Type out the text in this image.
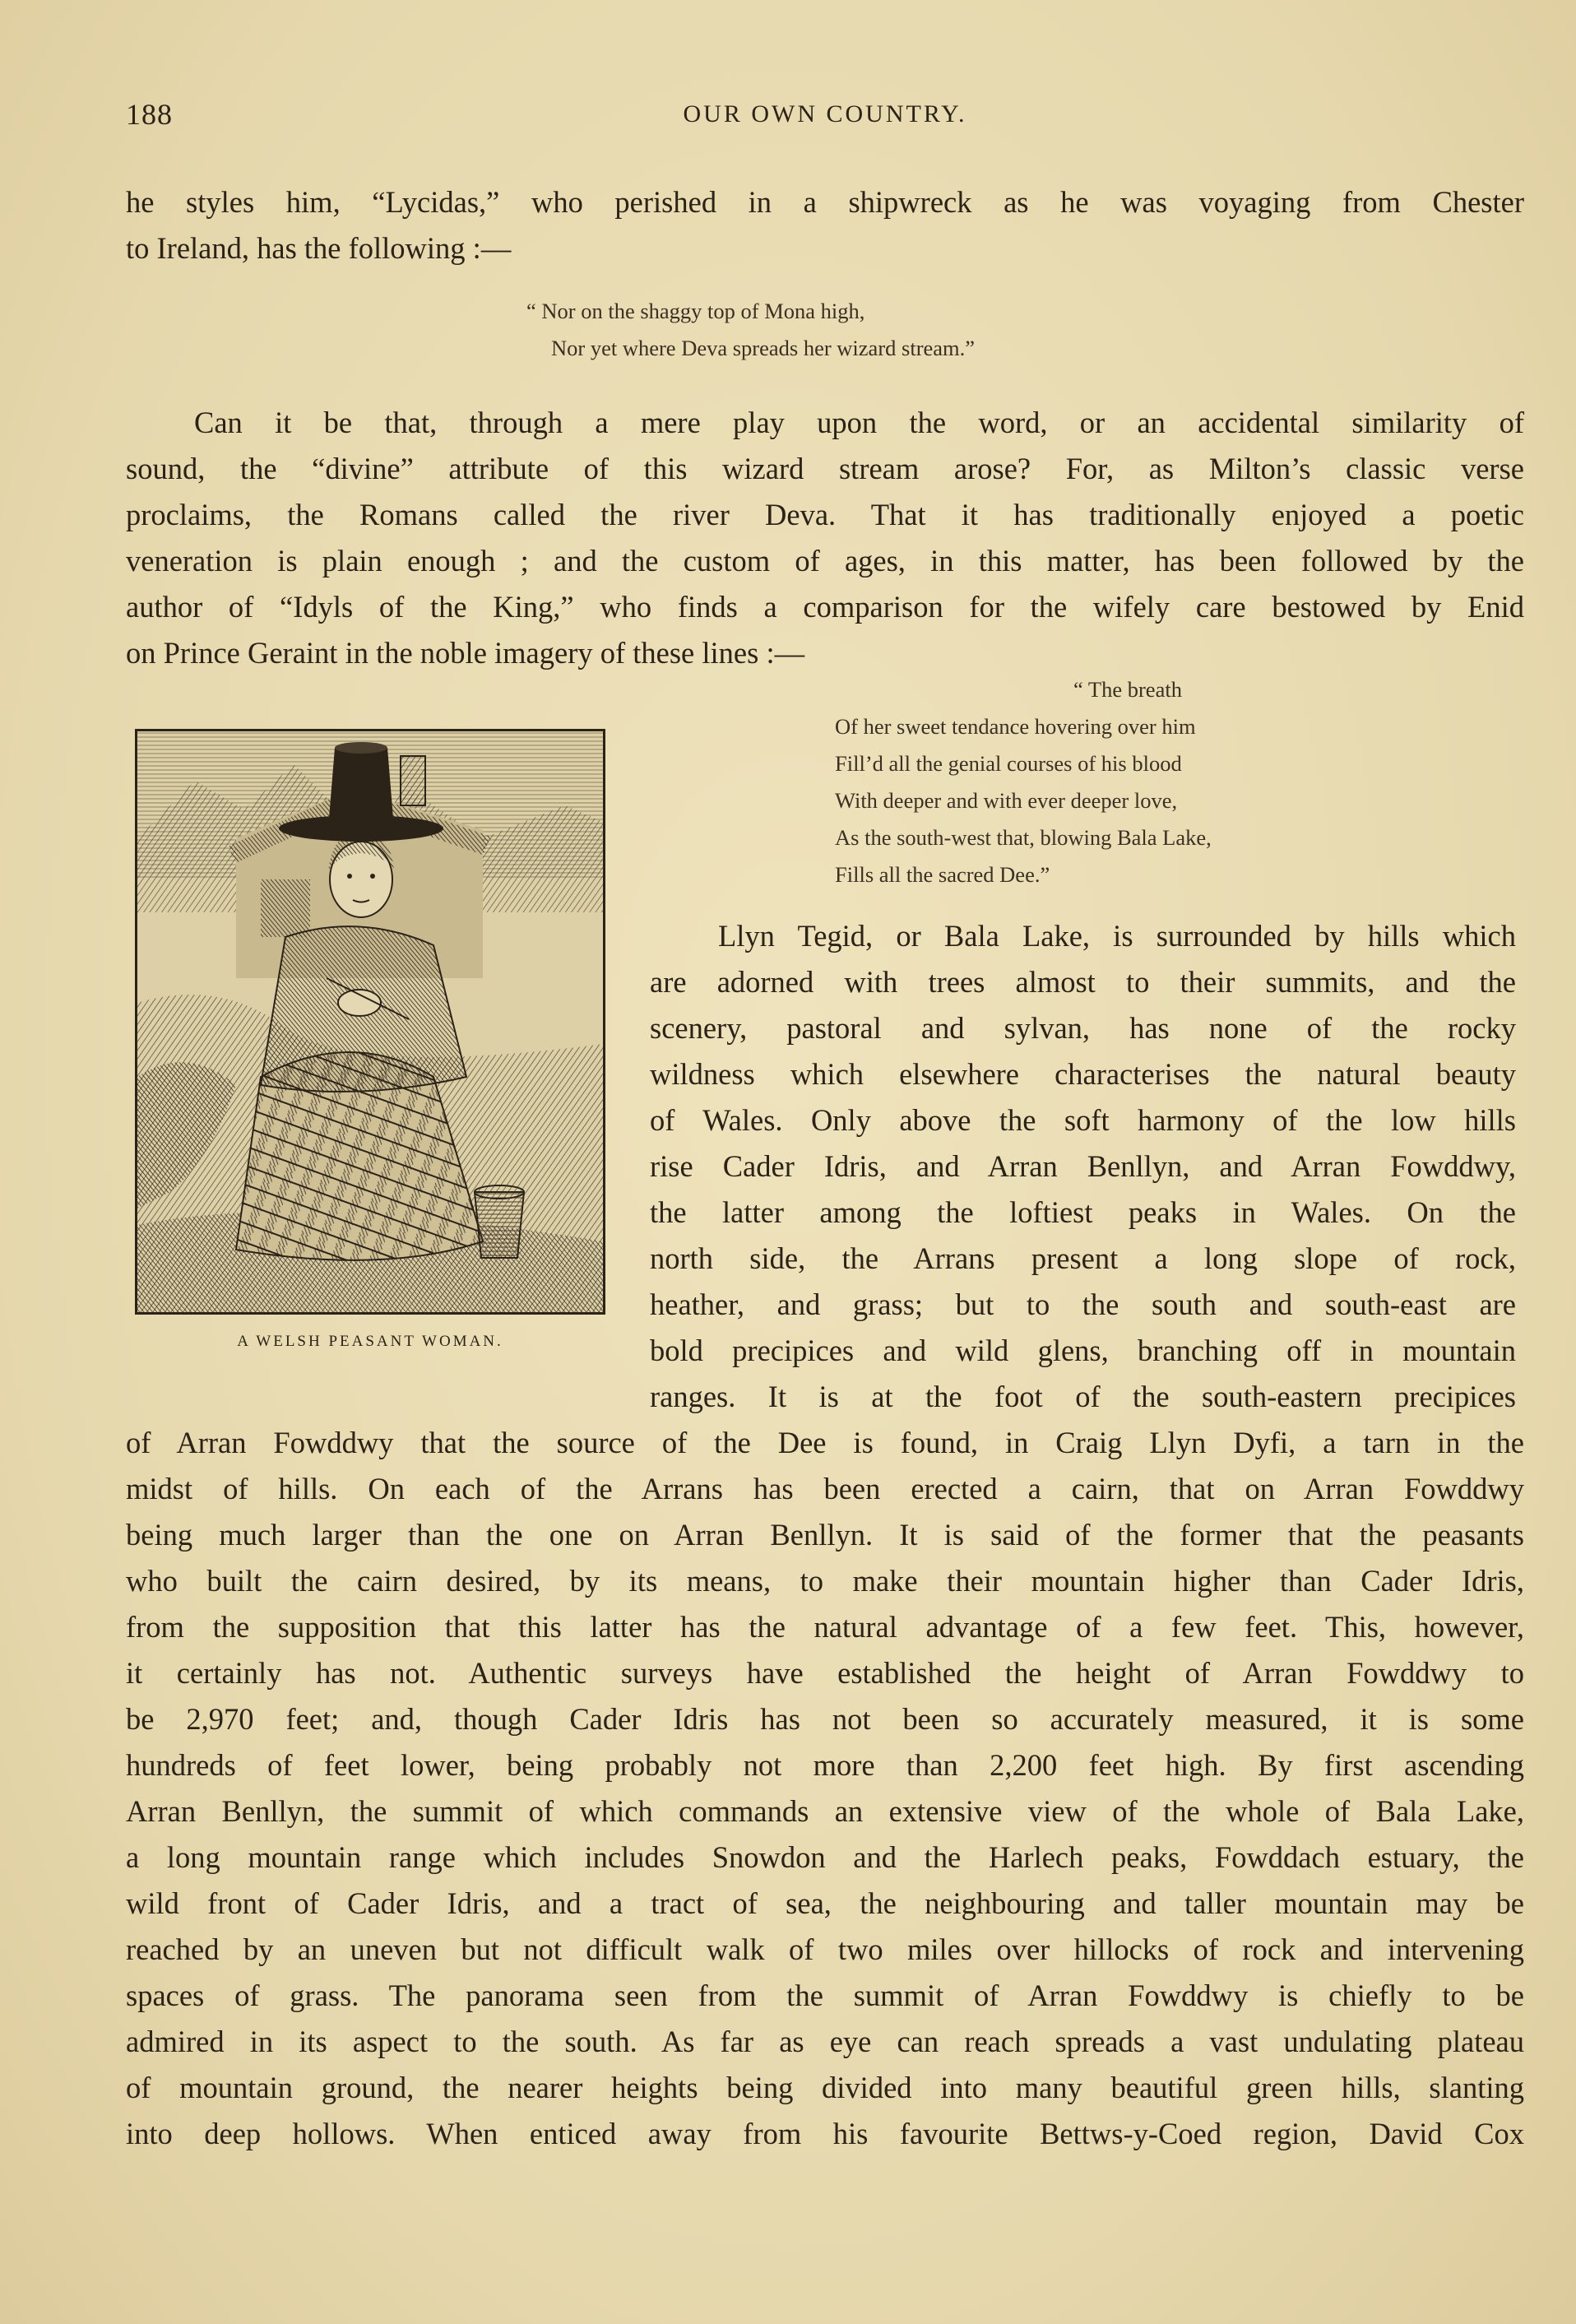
188	OUR OWN COUNTRY.
he styles him, “Lycidas,” who perished in a shipwreck as he was voyaging from Chester
to Ireland, has the following :—
“ Nor on the shaggy top of Mona high,
Nor yet where Deva spreads her wizard stream.”
Can it be that, through a mere play upon the word, or an accidental similarity of
sound, the “divine” attribute of this wizard stream arose? For, as Milton’s classic verse
proclaims, the Romans called the river Deva. That it has traditionally enjoyed a poetic
veneration is plain enough ; and the custom of ages, in this matter, has been followed by the
author of “Idyls of the King,” who finds a comparison for the wifely care bestowed by Enid
on Prince Geraint in the noble imagery of these lines :—
“ The breath
Of her sweet tendance hovering over him
Fill’d all the genial courses of his blood
With deeper and with ever deeper love,
As the south-west that, blowing Bala Lake,
Fills all the sacred Dee.”
A WELSH PEASANT WOMAN.
Llyn Tegid, or Bala Lake, is surrounded by hills which
are adorned with trees almost to their summits, and the
scenery, pastoral and sylvan, has none of the rocky
wildness which elsewhere characterises the natural beauty
of Wales. Only above the soft harmony of the low hills
rise Cader Idris, and Arran Benllyn, and Arran Fowddwy,
the latter among the loftiest peaks in Wales. On the
north side, the Arrans present a long slope of rock,
heather, and grass; but to the south and south-east are
bold precipices and wild glens, branching off in mountain
ranges. It is at the foot of the south-eastern precipices
of Arran Fowddwy that the source of the Dee is found, in Craig Llyn Dyfi, a tarn in the
midst of hills. On each of the Arrans has been erected a cairn, that on Arran Fowddwy
being much larger than the one on Arran Benllyn. It is said of the former that the peasants
who built the cairn desired, by its means, to make their mountain higher than Cader Idris,
from the supposition that this latter has the natural advantage of a few feet. This, however,
it certainly has not. Authentic surveys have established the height of Arran Fowddwy to
be 2,970 feet; and, though Cader Idris has not been so accurately measured, it is some
hundreds of feet lower, being probably not more than 2,200 feet high. By first ascending
Arran Benllyn, the summit of which commands an extensive view of the whole of Bala Lake,
a long mountain range which includes Snowdon and the Harlech peaks, Fowddach estuary, the
wild front of Cader Idris, and a tract of sea, the neighbouring and taller mountain may be
reached by an uneven but not difficult walk of two miles over hillocks of rock and intervening
spaces of grass. The panorama seen from the summit of Arran Fowddwy is chiefly to be
admired in its aspect to the south. As far as eye can reach spreads a vast undulating plateau
of mountain ground, the nearer heights being divided into many beautiful green hills, slanting
into deep hollows. When enticed away from his favourite Bettws-y-Coed region, David Cox
